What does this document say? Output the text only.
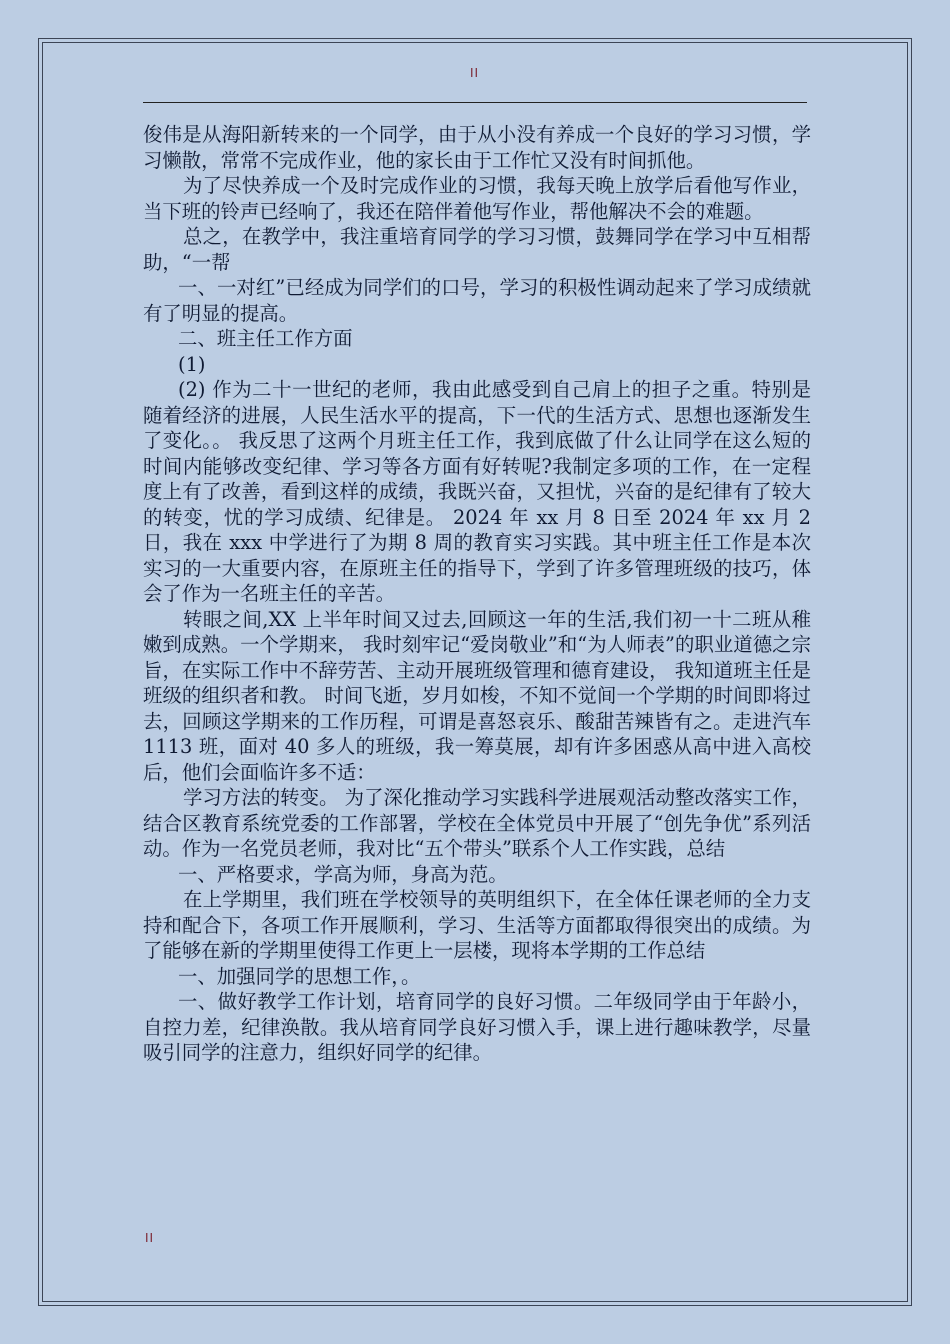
II

俊伟是从海阳新转来的一个同学，由于从小没有养成一个良好的学习习惯，学习懒散，常常不完成作业，他的家长由于工作忙又没有时间抓他。

为了尽快养成一个及时完成作业的习惯，我每天晚上放学后看他写作业，当下班的铃声已经响了，我还在陪伴着他写作业，帮他解决不会的难题。

总之，在教学中，我注重培育同学的学习习惯，鼓舞同学在学习中互相帮助，“一帮

一、一对红”已经成为同学们的口号，学习的积极性调动起来了学习成绩就有了明显的提高。

二、班主任工作方面

(1)

(2) 作为二十一世纪的老师，我由此感受到自己肩上的担子之重。特别是随着经济的进展，人民生活水平的提高，下一代的生活方式、思想也逐渐发生了变化。。 我反思了这两个月班主任工作，我到底做了什么让同学在这么短的时间内能够改变纪律、学习等各方面有好转呢?我制定多项的工作，在一定程度上有了改善，看到这样的成绩，我既兴奋，又担忧，兴奋的是纪律有了较大的转变，忧的学习成绩、纪律是。 2024 年 xx 月 8 日至 2024 年 xx 月 2 日，我在 xxx 中学进行了为期 8 周的教育实习实践。其中班主任工作是本次实习的一大重要内容，在原班主任的指导下，学到了许多管理班级的技巧，体会了作为一名班主任的辛苦。

转眼之间,XX 上半年时间又过去,回顾这一年的生活,我们初一十二班从稚嫩到成熟。一个学期来， 我时刻牢记“爱岗敬业”和“为人师表”的职业道德之宗旨，在实际工作中不辞劳苦、主动开展班级管理和德育建设， 我知道班主任是班级的组织者和教。 时间飞逝，岁月如梭，不知不觉间一个学期的时间即将过去，回顾这学期来的工作历程，可谓是喜怒哀乐、酸甜苦辣皆有之。走进汽车 1113 班，面对 40 多人的班级，我一筹莫展，却有许多困惑从高中进入高校后，他们会面临许多不适：

学习方法的转变。 为了深化推动学习实践科学进展观活动整改落实工作，结合区教育系统党委的工作部署，学校在全体党员中开展了“创先争优”系列活动。作为一名党员老师，我对比“五个带头”联系个人工作实践，总结

一、严格要求，学高为师，身高为范。

在上学期里，我们班在学校领导的英明组织下，在全体任课老师的全力支持和配合下，各项工作开展顺利，学习、生活等方面都取得很突出的成绩。为了能够在新的学期里使得工作更上一层楼，现将本学期的工作总结

一、加强同学的思想工作，。

一、做好教学工作计划，培育同学的良好习惯。二年级同学由于年龄小，自控力差，纪律涣散。我从培育同学良好习惯入手，课上进行趣味教学，尽量吸引同学的注意力，组织好同学的纪律。

II
